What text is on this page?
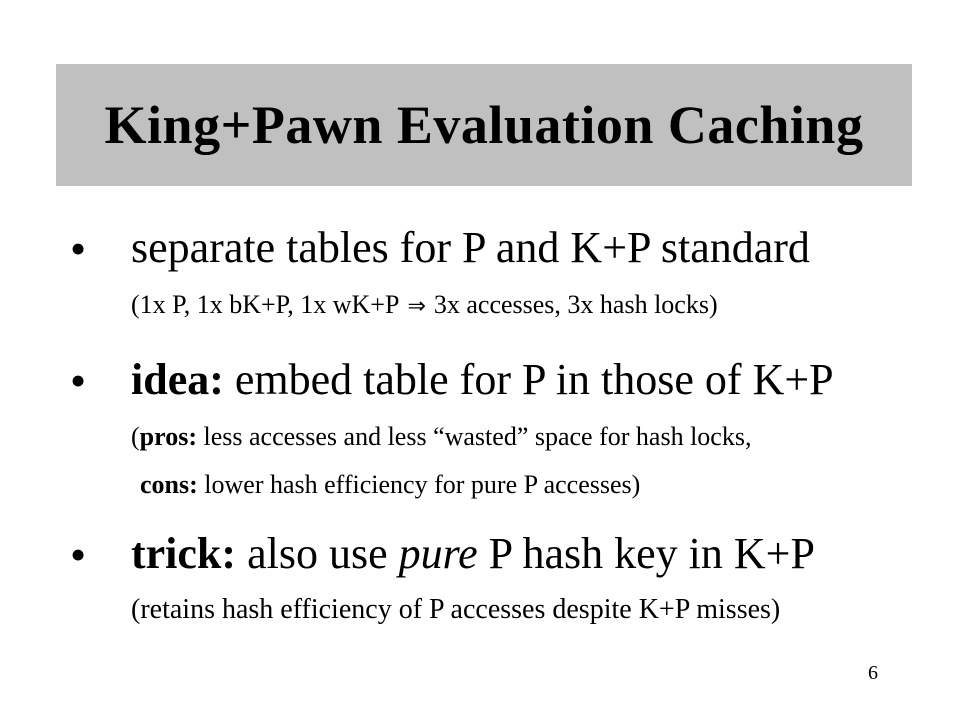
King+Pawn Evaluation Caching
• separate tables for P and K+P standard
(1x P, 1x bK+P, 1x wK+P ⇒ 3x accesses, 3x hash locks)
• idea: embed table for P in those of K+P
(pros: less accesses and less “wasted” space for hash locks,
cons: lower hash efficiency for pure P accesses)
• trick: also use pure P hash key in K+P
(retains hash efficiency of P accesses despite K+P misses)
6
